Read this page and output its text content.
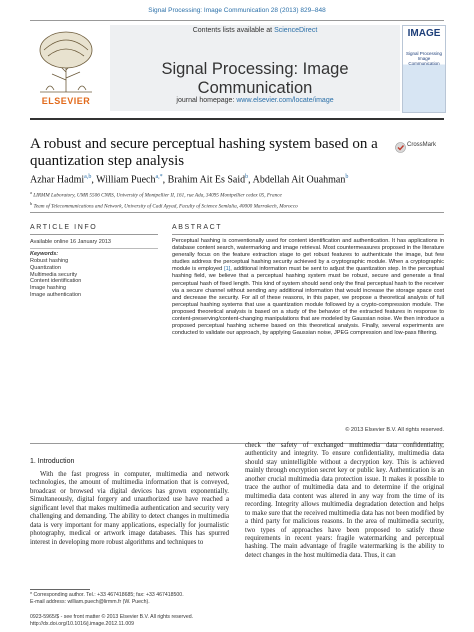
Signal Processing: Image Communication 28 (2013) 829–848
ELSEVIER
Contents lists available at ScienceDirect
Signal Processing: Image Communication
journal homepage: www.elsevier.com/locate/image
IMAGE
Signal Processing Image Communication
A robust and secure perceptual hashing system based on a quantization step analysis
CrossMark
Azhar Hadmi$^{a,b}$, William Puech$^{a,*}$, Brahim Ait Es Said$^b$, Abdellah Ait Ouahman$^b$
$^a$ LIRMM Laboratory, UMR 5506 CNRS, University of Montpellier II, 161, rue Ada, 34095 Montpellier cedex 05, France
$^b$ Team of Telecommunications and Network, University of Cadi Ayyad, Faculty of Science Semlalia, 40000 Marrakech, Morocco
ARTICLE INFO	ABSTRACT
Available online 16 January 2013
Keywords:
Robust hashing
Quantization
Multimedia security
Content identification
Image hashing
Image authentication
Perceptual hashing is conventionally used for content identification and authentication. It has applications in database content search, watermarking and image retrieval. Most countermeasures proposed in the literature generally focus on the feature extraction stage to get robust features to authenticate the image, but few studies address the perceptual hashing security achieved by a cryptographic module. When a cryptographic module is employed [1], additional information must be sent to adjust the quantization step. In the perceptual hashing field, we believe that a perceptual hashing system must be robust, secure and generate a final perceptual hash of fixed length. This kind of system should send only the final perceptual hash to the receiver via a secure channel without sending any additional information that would increase the storage space cost and decrease the security. For all of these reasons, in this paper, we propose a theoretical analysis of full perceptual hashing systems that use a quantization module followed by a crypto-compression module. The proposed theoretical analysis is based on a study of the behavior of the extracted features in response to content-preserving/content-changing manipulations that are modeled by Gaussian noise. We then introduce a proposed perceptual hashing scheme based on this theoretical analysis. Finally, several experiments are conducted to validate our approach, by applying Gaussian noise, JPEG compression and low-pass filtering.
© 2013 Elsevier B.V. All rights reserved.
1. Introduction

With the fast progress in computer, multimedia and network technologies, the amount of multimedia information that is conveyed, broadcast or browsed via digital devices has grown exponentially. Simultaneously, digital forgery and unauthorized use have reached a significant level that makes multimedia authentication and security very challenging and demanding. The ability to detect changes in multimedia data is very important for many applications, especially for journalistic photography, medical or artwork image databases. This has spurred interest in developing more robust algorithms and techniques to

check the safety of exchanged multimedia data confidentiality, authenticity and integrity. To ensure confidentiality, multimedia data should stay unintelligible without a decryption key. This is achieved mainly through encryption secret key or public key. Authentication is an another crucial multimedia data protection issue. It makes it possible to trace the author of multimedia data and to determine if the original multimedia data content was altered in any way from the time of its recording. Integrity allows multimedia degradation detection and helps to make sure that the received multimedia data has not been modified by a third party for malicious reasons. In the area of multimedia security, two types of approaches have been proposed to satisfy those requirements in recent years: fragile watermarking and perceptual hashing. The main advantage of fragile watermarking is the ability to detect changes in the host multimedia data. Thus, it can

* Corresponding author. Tel.: +33 467418685; fax: +33 467418500.
E-mail address: william.puech@lirmm.fr (W. Puech).
0923-5965/$ - see front matter © 2013 Elsevier B.V. All rights reserved.
http://dx.doi.org/10.1016/j.image.2012.11.009
